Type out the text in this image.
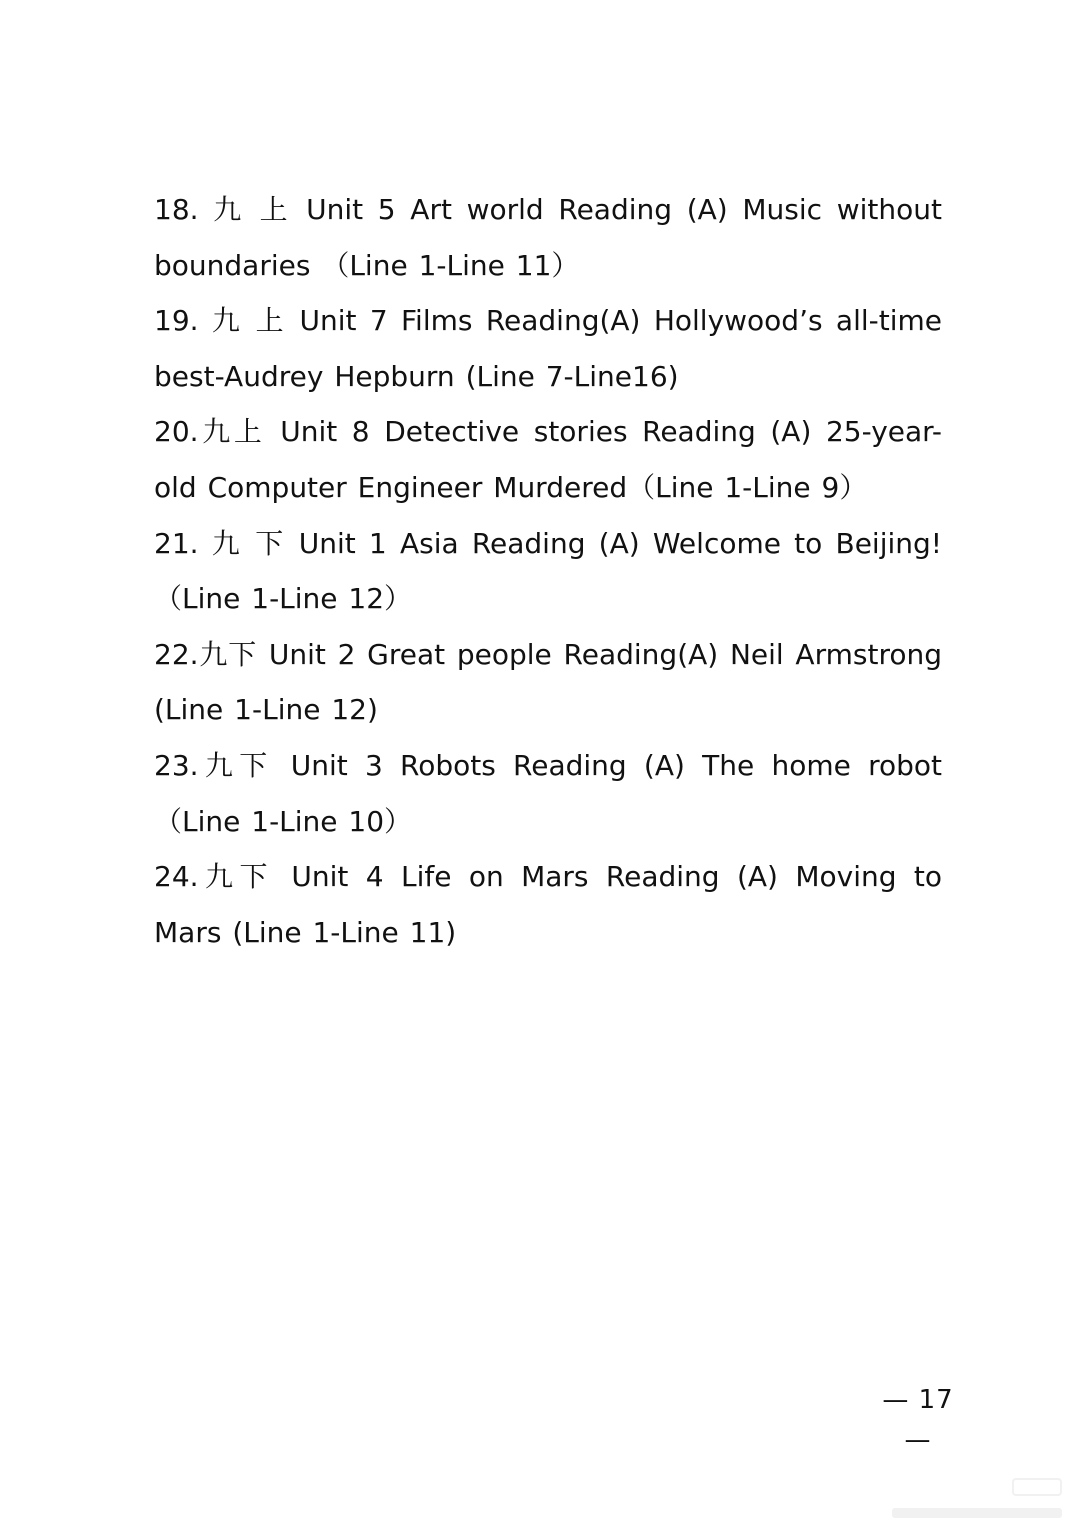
18. 九 上 Unit 5 Art world Reading (A) Music without boundaries （Line 1-Line 11）

19. 九 上 Unit 7 Films Reading(A) Hollywood’s all-time best-Audrey Hepburn (Line 7-Line16)

20.九上 Unit 8 Detective stories Reading (A) 25-year-old Computer Engineer Murdered（Line 1-Line 9）

21. 九 下 Unit 1 Asia Reading (A) Welcome to Beijing! （Line 1-Line 12）

22.九下 Unit 2 Great people Reading(A) Neil Armstrong (Line 1-Line 12)

23.九下 Unit 3 Robots Reading (A) The home robot（Line 1-Line 10）

24.九下 Unit 4 Life on Mars Reading (A) Moving to Mars (Line 1-Line 11)

— 17 —
